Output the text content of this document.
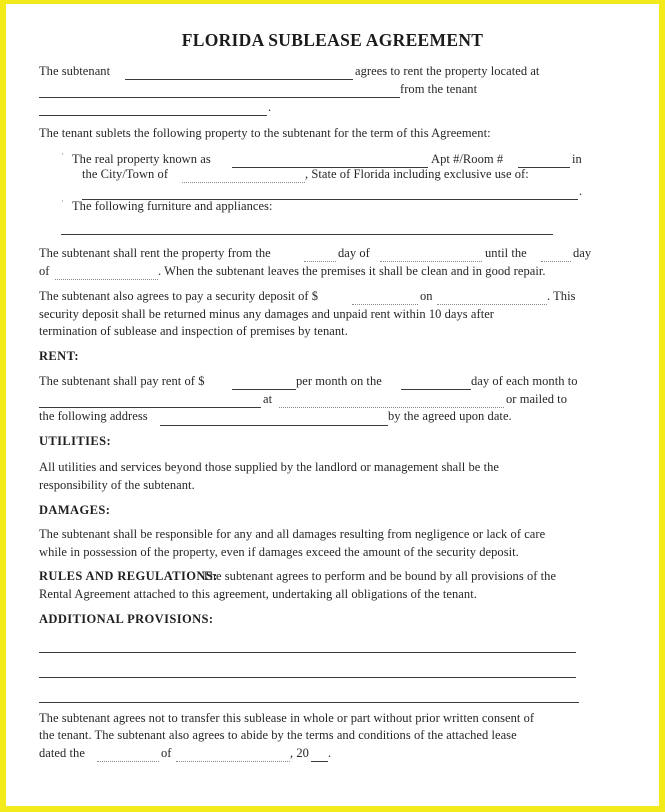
FLORIDA SUBLEASE AGREEMENT
The subtenant	agrees to rent the property located at
from the tenant
.
The tenant sublets the following property to the subtenant for the term of this Agreement:
˙ The real property known as	Apt #/Room #	in
the City/Town of	, State of Florida including exclusive use of:
.
˙ The following furniture and appliances:
The subtenant shall rent the property from the	day of	until the	day
of	. When the subtenant leaves the premises it shall be clean and in good repair.
The subtenant also agrees to pay a security deposit of $	on	. This
security deposit shall be returned minus any damages and unpaid rent within 10 days after
termination of sublease and inspection of premises by tenant.
RENT:
The subtenant shall pay rent of $	per month on the	day of each month to
at	or mailed to
the following address	by the agreed upon date.
UTILITIES:
All utilities and services beyond those supplied by the landlord or management shall be the
responsibility of the subtenant.
DAMAGES:
The subtenant shall be responsible for any and all damages resulting from negligence or lack of care
while in possession of the property, even if damages exceed the amount of the security deposit.
RULES AND REGULATIONS:
The subtenant agrees to perform and be bound by all provisions of the
Rental Agreement attached to this agreement, undertaking all obligations of the tenant.
ADDITIONAL PROVISIONS:
The subtenant agrees not to transfer this sublease in whole or part without prior written consent of
the tenant. The subtenant also agrees to abide by the terms and conditions of the attached lease
dated the	of	, 20 .
